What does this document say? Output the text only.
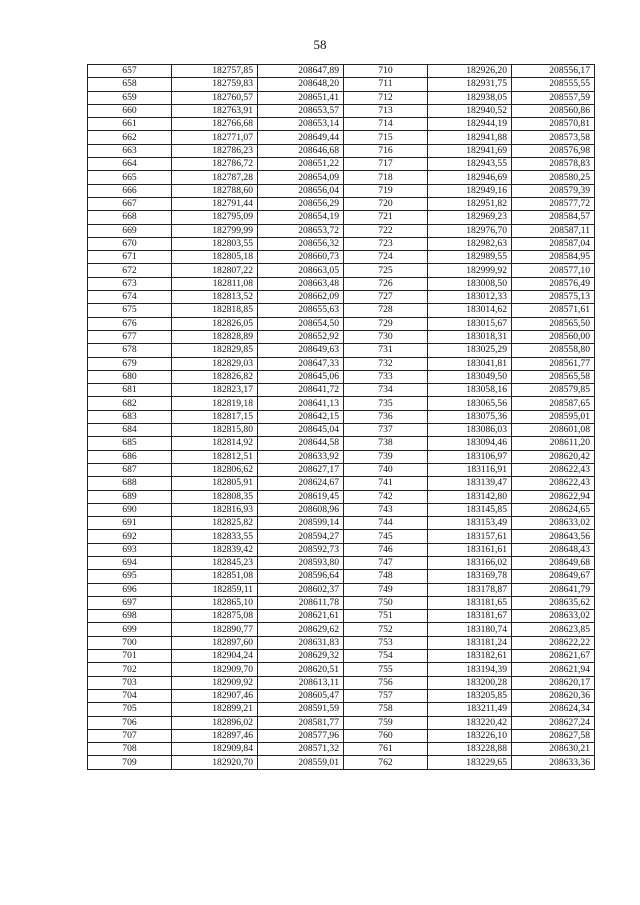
58
657	182757,85	208647,89	710	182926,20	208556,17
658	182759,83	208648,20	711	182931,75	208555,55
659	182760,57	208651,41	712	182938,05	208557,59
660	182763,91	208653,57	713	182940,52	208560,86
661	182766,68	208653,14	714	182944,19	208570,81
662	182771,07	208649,44	715	182941,88	208573,58
663	182786,23	208646,68	716	182941,69	208576,98
664	182786,72	208651,22	717	182943,55	208578,83
665	182787,28	208654,09	718	182946,69	208580,25
666	182788,60	208656,04	719	182949,16	208579,39
667	182791,44	208656,29	720	182951,82	208577,72
668	182795,09	208654,19	721	182969,23	208584,57
669	182799,99	208653,72	722	182976,70	208587,11
670	182803,55	208656,32	723	182982,63	208587,04
671	182805,18	208660,73	724	182989,55	208584,95
672	182807,22	208663,05	725	182999,92	208577,10
673	182811,08	208663,48	726	183008,50	208576,49
674	182813,52	208662,09	727	183012,33	208575,13
675	182818,85	208655,63	728	183014,62	208571,61
676	182826,05	208654,50	729	183015,67	208565,50
677	182828,89	208652,92	730	183018,31	208560,00
678	182829,85	208649,63	731	183025,29	208558,80
679	182829,03	208647,33	732	183041,81	208561,77
680	182826,82	208645,06	733	183049,50	208565,58
681	182823,17	208641,72	734	183058,16	208579,85
682	182819,18	208641,13	735	183065,56	208587,65
683	182817,15	208642,15	736	183075,36	208595,01
684	182815,80	208645,04	737	183086,03	208601,08
685	182814,92	208644,58	738	183094,46	208611,20
686	182812,51	208633,92	739	183106,97	208620,42
687	182806,62	208627,17	740	183116,91	208622,43
688	182805,91	208624,67	741	183139,47	208622,43
689	182808,35	208619,45	742	183142,80	208622,94
690	182816,93	208608,96	743	183145,85	208624,65
691	182825,82	208599,14	744	183153,49	208633,02
692	182833,55	208594,27	745	183157,61	208643,56
693	182839,42	208592,73	746	183161,61	208648,43
694	182845,23	208593,80	747	183166,02	208649,68
695	182851,08	208596,64	748	183169,78	208649,67
696	182859,11	208602,37	749	183178,87	208641,79
697	182865,10	208611,78	750	183181,65	208635,62
698	182875,08	208621,61	751	183181,67	208633,02
699	182890,77	208629,62	752	183180,74	208623,85
700	182897,60	208631,83	753	183181,24	208622,22
701	182904,24	208629,32	754	183182,61	208621,67
702	182909,70	208620,51	755	183194,39	208621,94
703	182909,92	208613,11	756	183200,28	208620,17
704	182907,46	208605,47	757	183205,85	208620,36
705	182899,21	208591,59	758	183211,49	208624,34
706	182896,02	208581,77	759	183220,42	208627,24
707	182897,46	208577,96	760	183226,10	208627,58
708	182909,84	208571,32	761	183228,88	208630,21
709	182920,70	208559,01	762	183229,65	208633,36
